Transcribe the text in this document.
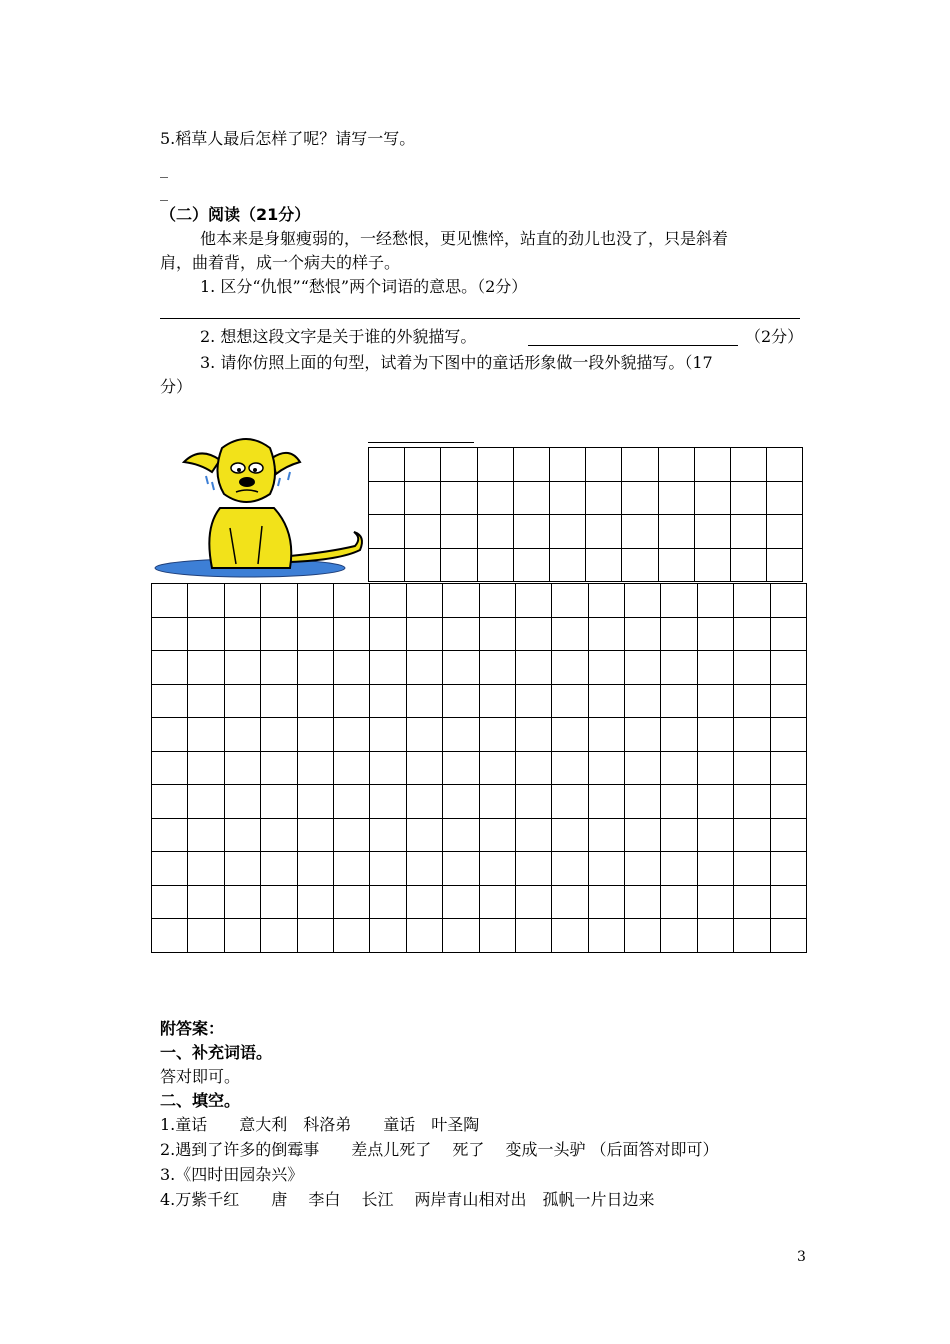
5.稻草人最后怎样了呢？请写一写。
_
_
（二）阅读（21分）
他本来是身躯瘦弱的，一经愁恨，更见憔悴，站直的劲儿也没了，只是斜着
肩，曲着背，成一个病夫的样子。
1. 区分“仇恨”“愁恨”两个词语的意思。（2分）
2. 想想这段文字是关于谁的外貌描写。	（2分）
3. 请你仿照上面的句型，试着为下图中的童话形象做一段外貌描写。（17
分）

附答案：
一、补充词语。
答对即可。
二、填空。
1.童话　　意大利　科洛弟　　童话　叶圣陶
2.遇到了许多的倒霉事　　差点儿死了　 死了　 变成一头驴 （后面答对即可）
3.《四时田园杂兴》
4.万紫千红　　唐　 李白　 长江　 两岸青山相对出　孤帆一片日边来
3
